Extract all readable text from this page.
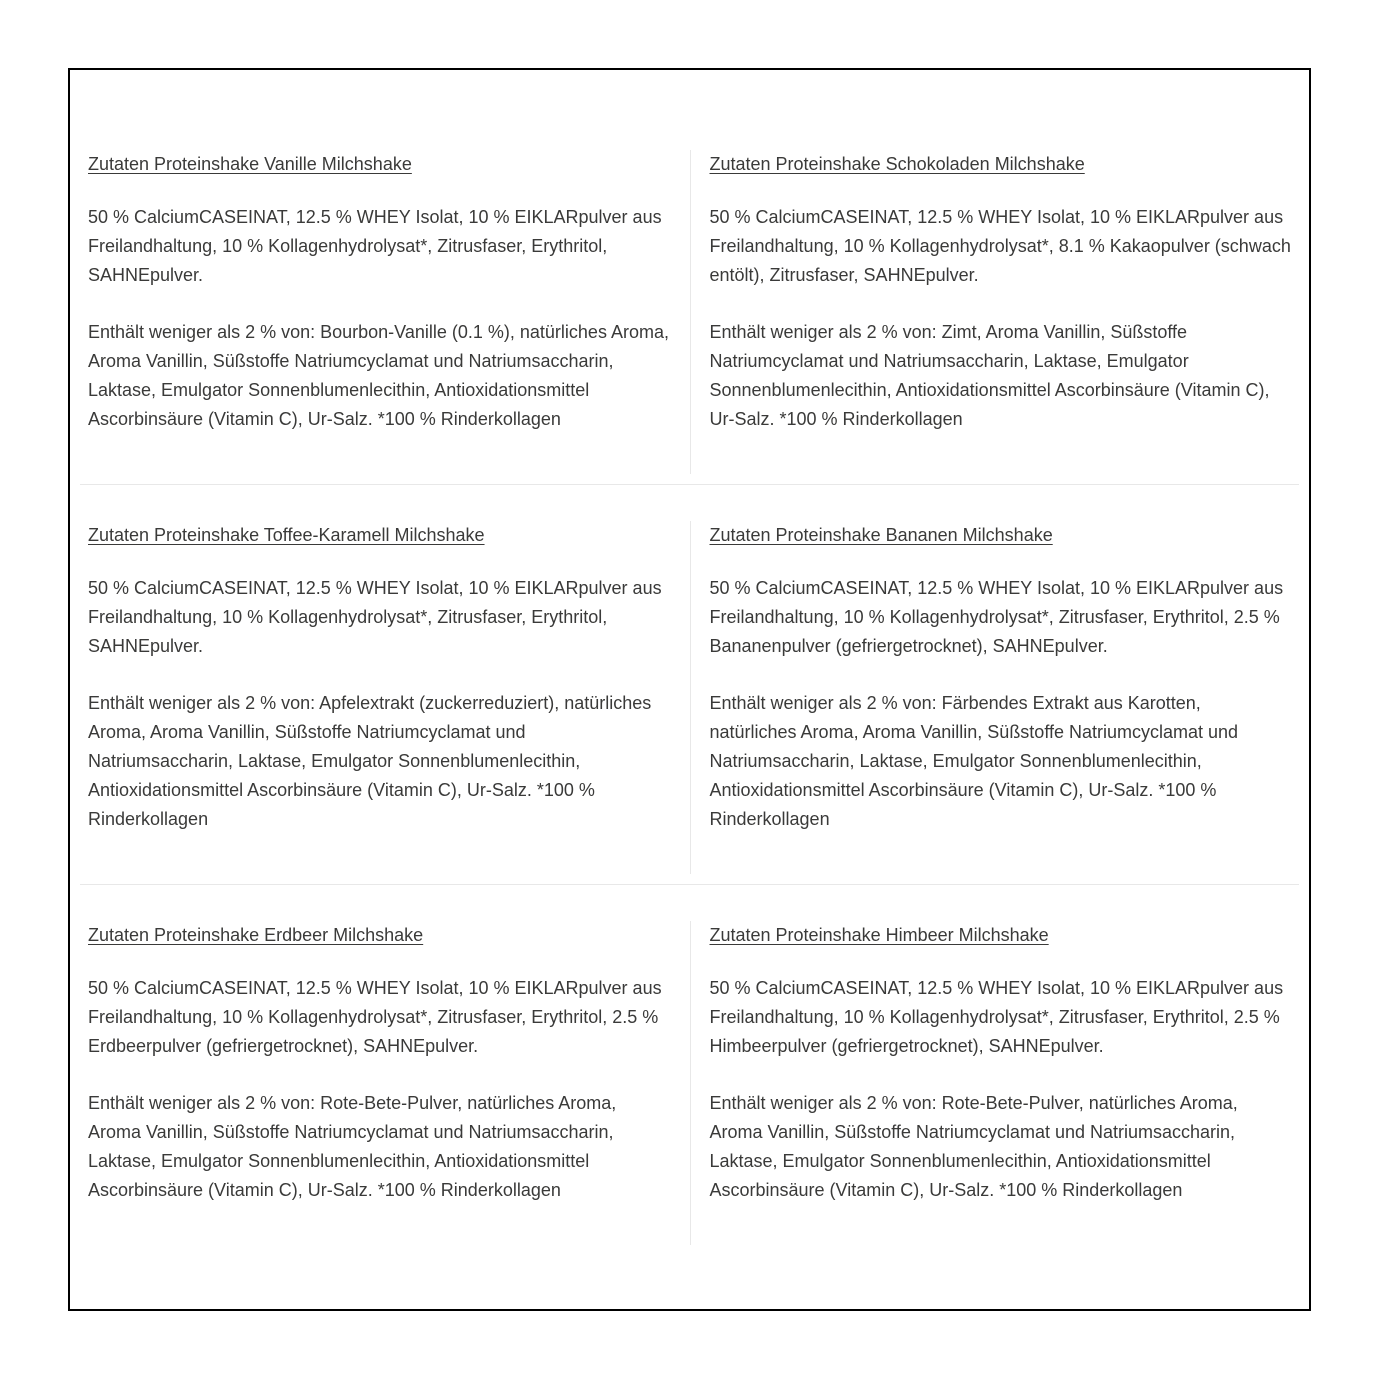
Zutaten Proteinshake Vanille Milchshake

50 % CalciumCASEINAT, 12.5 % WHEY Isolat, 10 % EIKLARpulver aus Freilandhaltung, 10 % Kollagenhydrolysat*, Zitrusfaser, Erythritol, SAHNEpulver.

Enthält weniger als 2 % von: Bourbon-Vanille (0.1 %), natürliches Aroma, Aroma Vanillin, Süßstoffe Natriumcyclamat und Natriumsaccharin, Laktase, Emulgator Sonnenblumenlecithin, Antioxidationsmittel Ascorbinsäure (Vitamin C), Ur-Salz. *100 % Rinderkollagen

Zutaten Proteinshake Schokoladen Milchshake

50 % CalciumCASEINAT, 12.5 % WHEY Isolat, 10 % EIKLARpulver aus Freilandhaltung, 10 % Kollagenhydrolysat*, 8.1 % Kakaopulver (schwach entölt), Zitrusfaser, SAHNEpulver.

Enthält weniger als 2 % von: Zimt, Aroma Vanillin, Süßstoffe Natriumcyclamat und Natriumsaccharin, Laktase, Emulgator Sonnenblumenlecithin, Antioxidationsmittel Ascorbinsäure (Vitamin C), Ur-Salz. *100 % Rinderkollagen

Zutaten Proteinshake Toffee-Karamell Milchshake

50 % CalciumCASEINAT, 12.5 % WHEY Isolat, 10 % EIKLARpulver aus Freilandhaltung, 10 % Kollagenhydrolysat*, Zitrusfaser, Erythritol, SAHNEpulver.

Enthält weniger als 2 % von: Apfelextrakt (zuckerreduziert), natürliches Aroma, Aroma Vanillin, Süßstoffe Natriumcyclamat und Natriumsaccharin, Laktase, Emulgator Sonnenblumenlecithin, Antioxidationsmittel Ascorbinsäure (Vitamin C), Ur-Salz. *100 % Rinderkollagen

Zutaten Proteinshake Bananen Milchshake

50 % CalciumCASEINAT, 12.5 % WHEY Isolat, 10 % EIKLARpulver aus Freilandhaltung, 10 % Kollagenhydrolysat*, Zitrusfaser, Erythritol, 2.5 % Bananenpulver (gefriergetrocknet), SAHNEpulver.

Enthält weniger als 2 % von: Färbendes Extrakt aus Karotten, natürliches Aroma, Aroma Vanillin, Süßstoffe Natriumcyclamat und Natriumsaccharin, Laktase, Emulgator Sonnenblumenlecithin, Antioxidationsmittel Ascorbinsäure (Vitamin C), Ur-Salz. *100 % Rinderkollagen

Zutaten Proteinshake Erdbeer Milchshake

50 % CalciumCASEINAT, 12.5 % WHEY Isolat, 10 % EIKLARpulver aus Freilandhaltung, 10 % Kollagenhydrolysat*, Zitrusfaser, Erythritol, 2.5 % Erdbeerpulver (gefriergetrocknet), SAHNEpulver.

Enthält weniger als 2 % von: Rote-Bete-Pulver, natürliches Aroma, Aroma Vanillin, Süßstoffe Natriumcyclamat und Natriumsaccharin, Laktase, Emulgator Sonnenblumenlecithin, Antioxidationsmittel Ascorbinsäure (Vitamin C), Ur-Salz. *100 % Rinderkollagen

Zutaten Proteinshake Himbeer Milchshake

50 % CalciumCASEINAT, 12.5 % WHEY Isolat, 10 % EIKLARpulver aus Freilandhaltung, 10 % Kollagenhydrolysat*, Zitrusfaser, Erythritol, 2.5 % Himbeerpulver (gefriergetrocknet), SAHNEpulver.

Enthält weniger als 2 % von: Rote-Bete-Pulver, natürliches Aroma, Aroma Vanillin, Süßstoffe Natriumcyclamat und Natriumsaccharin, Laktase, Emulgator Sonnenblumenlecithin, Antioxidationsmittel Ascorbinsäure (Vitamin C), Ur-Salz. *100 % Rinderkollagen
